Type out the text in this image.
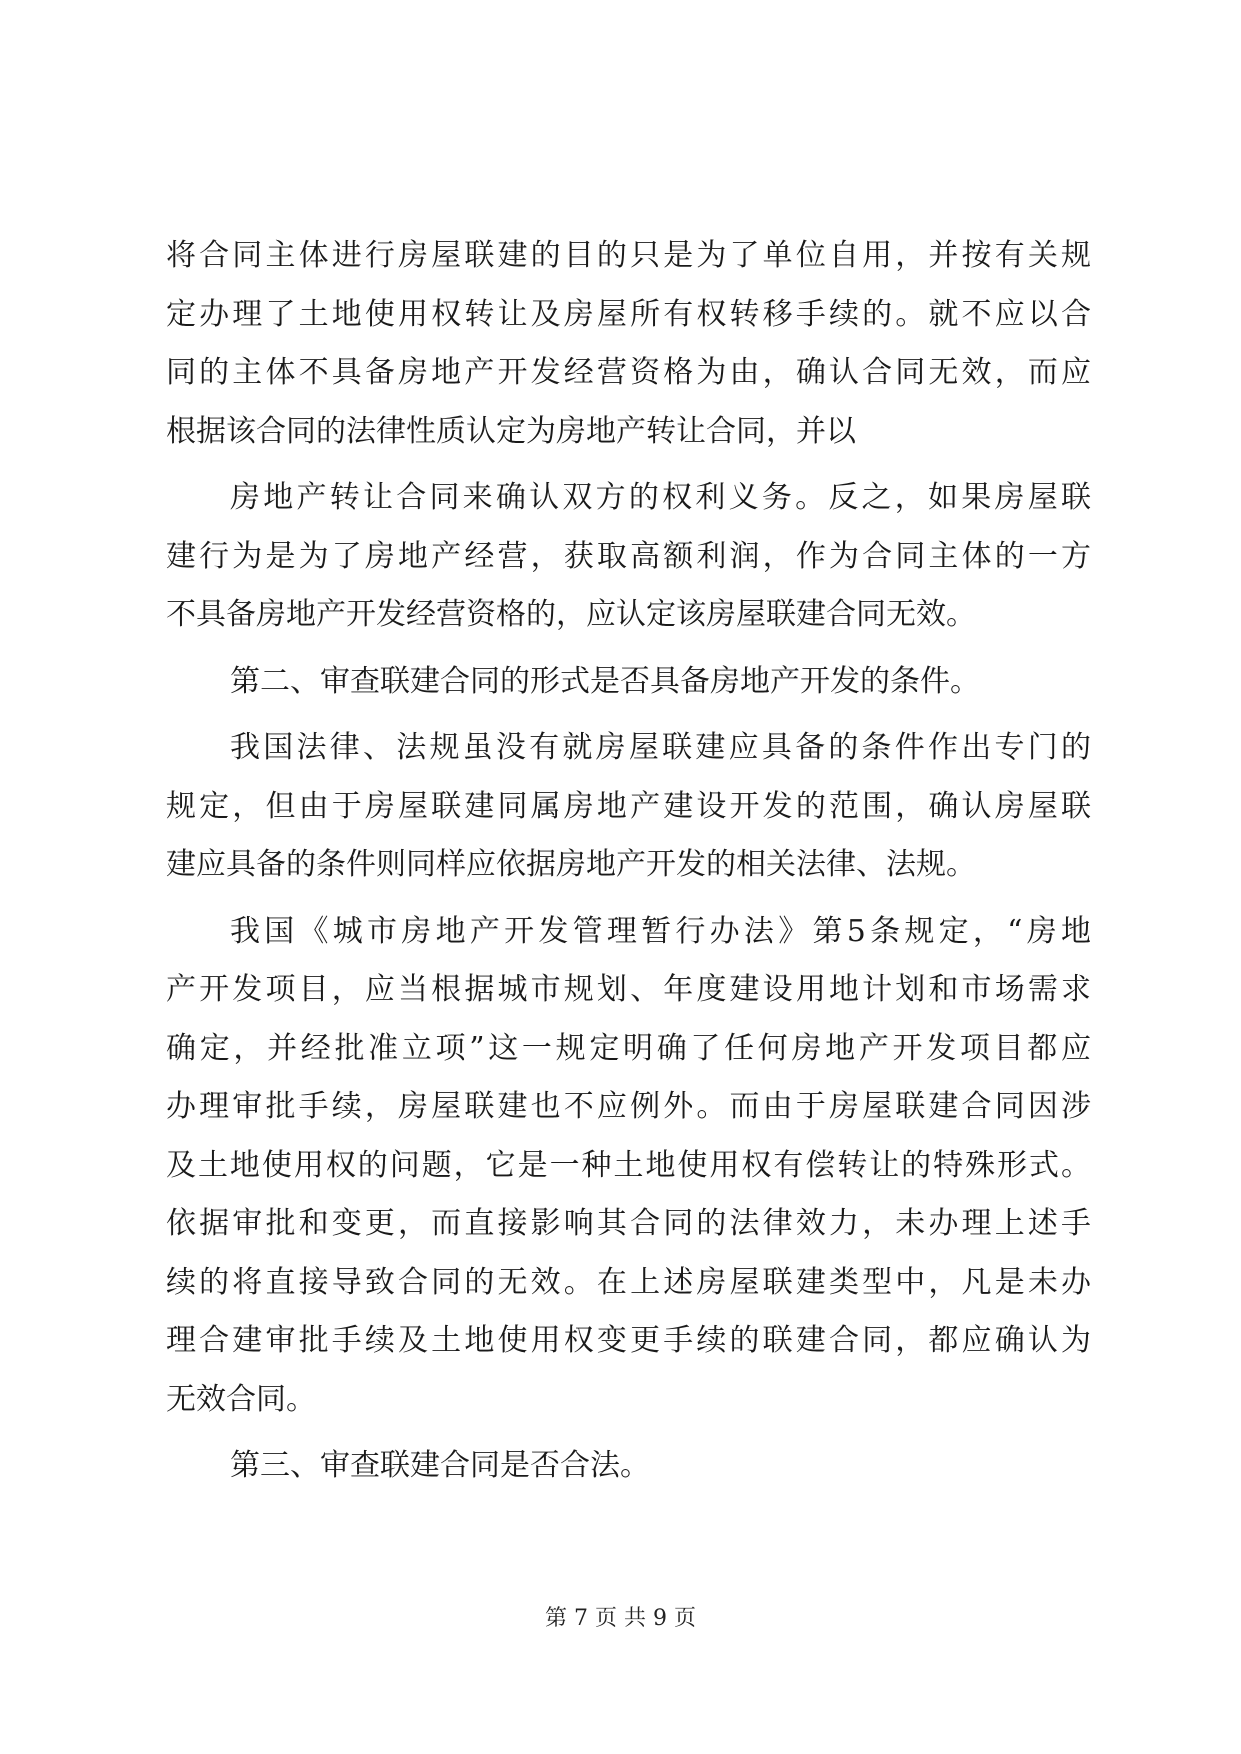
将合同主体进行房屋联建的目的只是为了单位自用，并按有关规
定办理了土地使用权转让及房屋所有权转移手续的。就不应以合
同的主体不具备房地产开发经营资格为由，确认合同无效，而应
根据该合同的法律性质认定为房地产转让合同，并以
房地产转让合同来确认双方的权利义务。反之，如果房屋联
建行为是为了房地产经营，获取高额利润，作为合同主体的一方
不具备房地产开发经营资格的，应认定该房屋联建合同无效。
第二、审查联建合同的形式是否具备房地产开发的条件。
我国法律、法规虽没有就房屋联建应具备的条件作出专门的
规定，但由于房屋联建同属房地产建设开发的范围，确认房屋联
建应具备的条件则同样应依据房地产开发的相关法律、法规。
我国《城市房地产开发管理暂行办法》第5条规定，“房地
产开发项目，应当根据城市规划、年度建设用地计划和市场需求
确定，并经批准立项”这一规定明确了任何房地产开发项目都应
办理审批手续，房屋联建也不应例外。而由于房屋联建合同因涉
及土地使用权的问题，它是一种土地使用权有偿转让的特殊形式。
依据审批和变更，而直接影响其合同的法律效力，未办理上述手
续的将直接导致合同的无效。在上述房屋联建类型中，凡是未办
理合建审批手续及土地使用权变更手续的联建合同，都应确认为
无效合同。
第三、审查联建合同是否合法。
第 7 页 共 9 页
